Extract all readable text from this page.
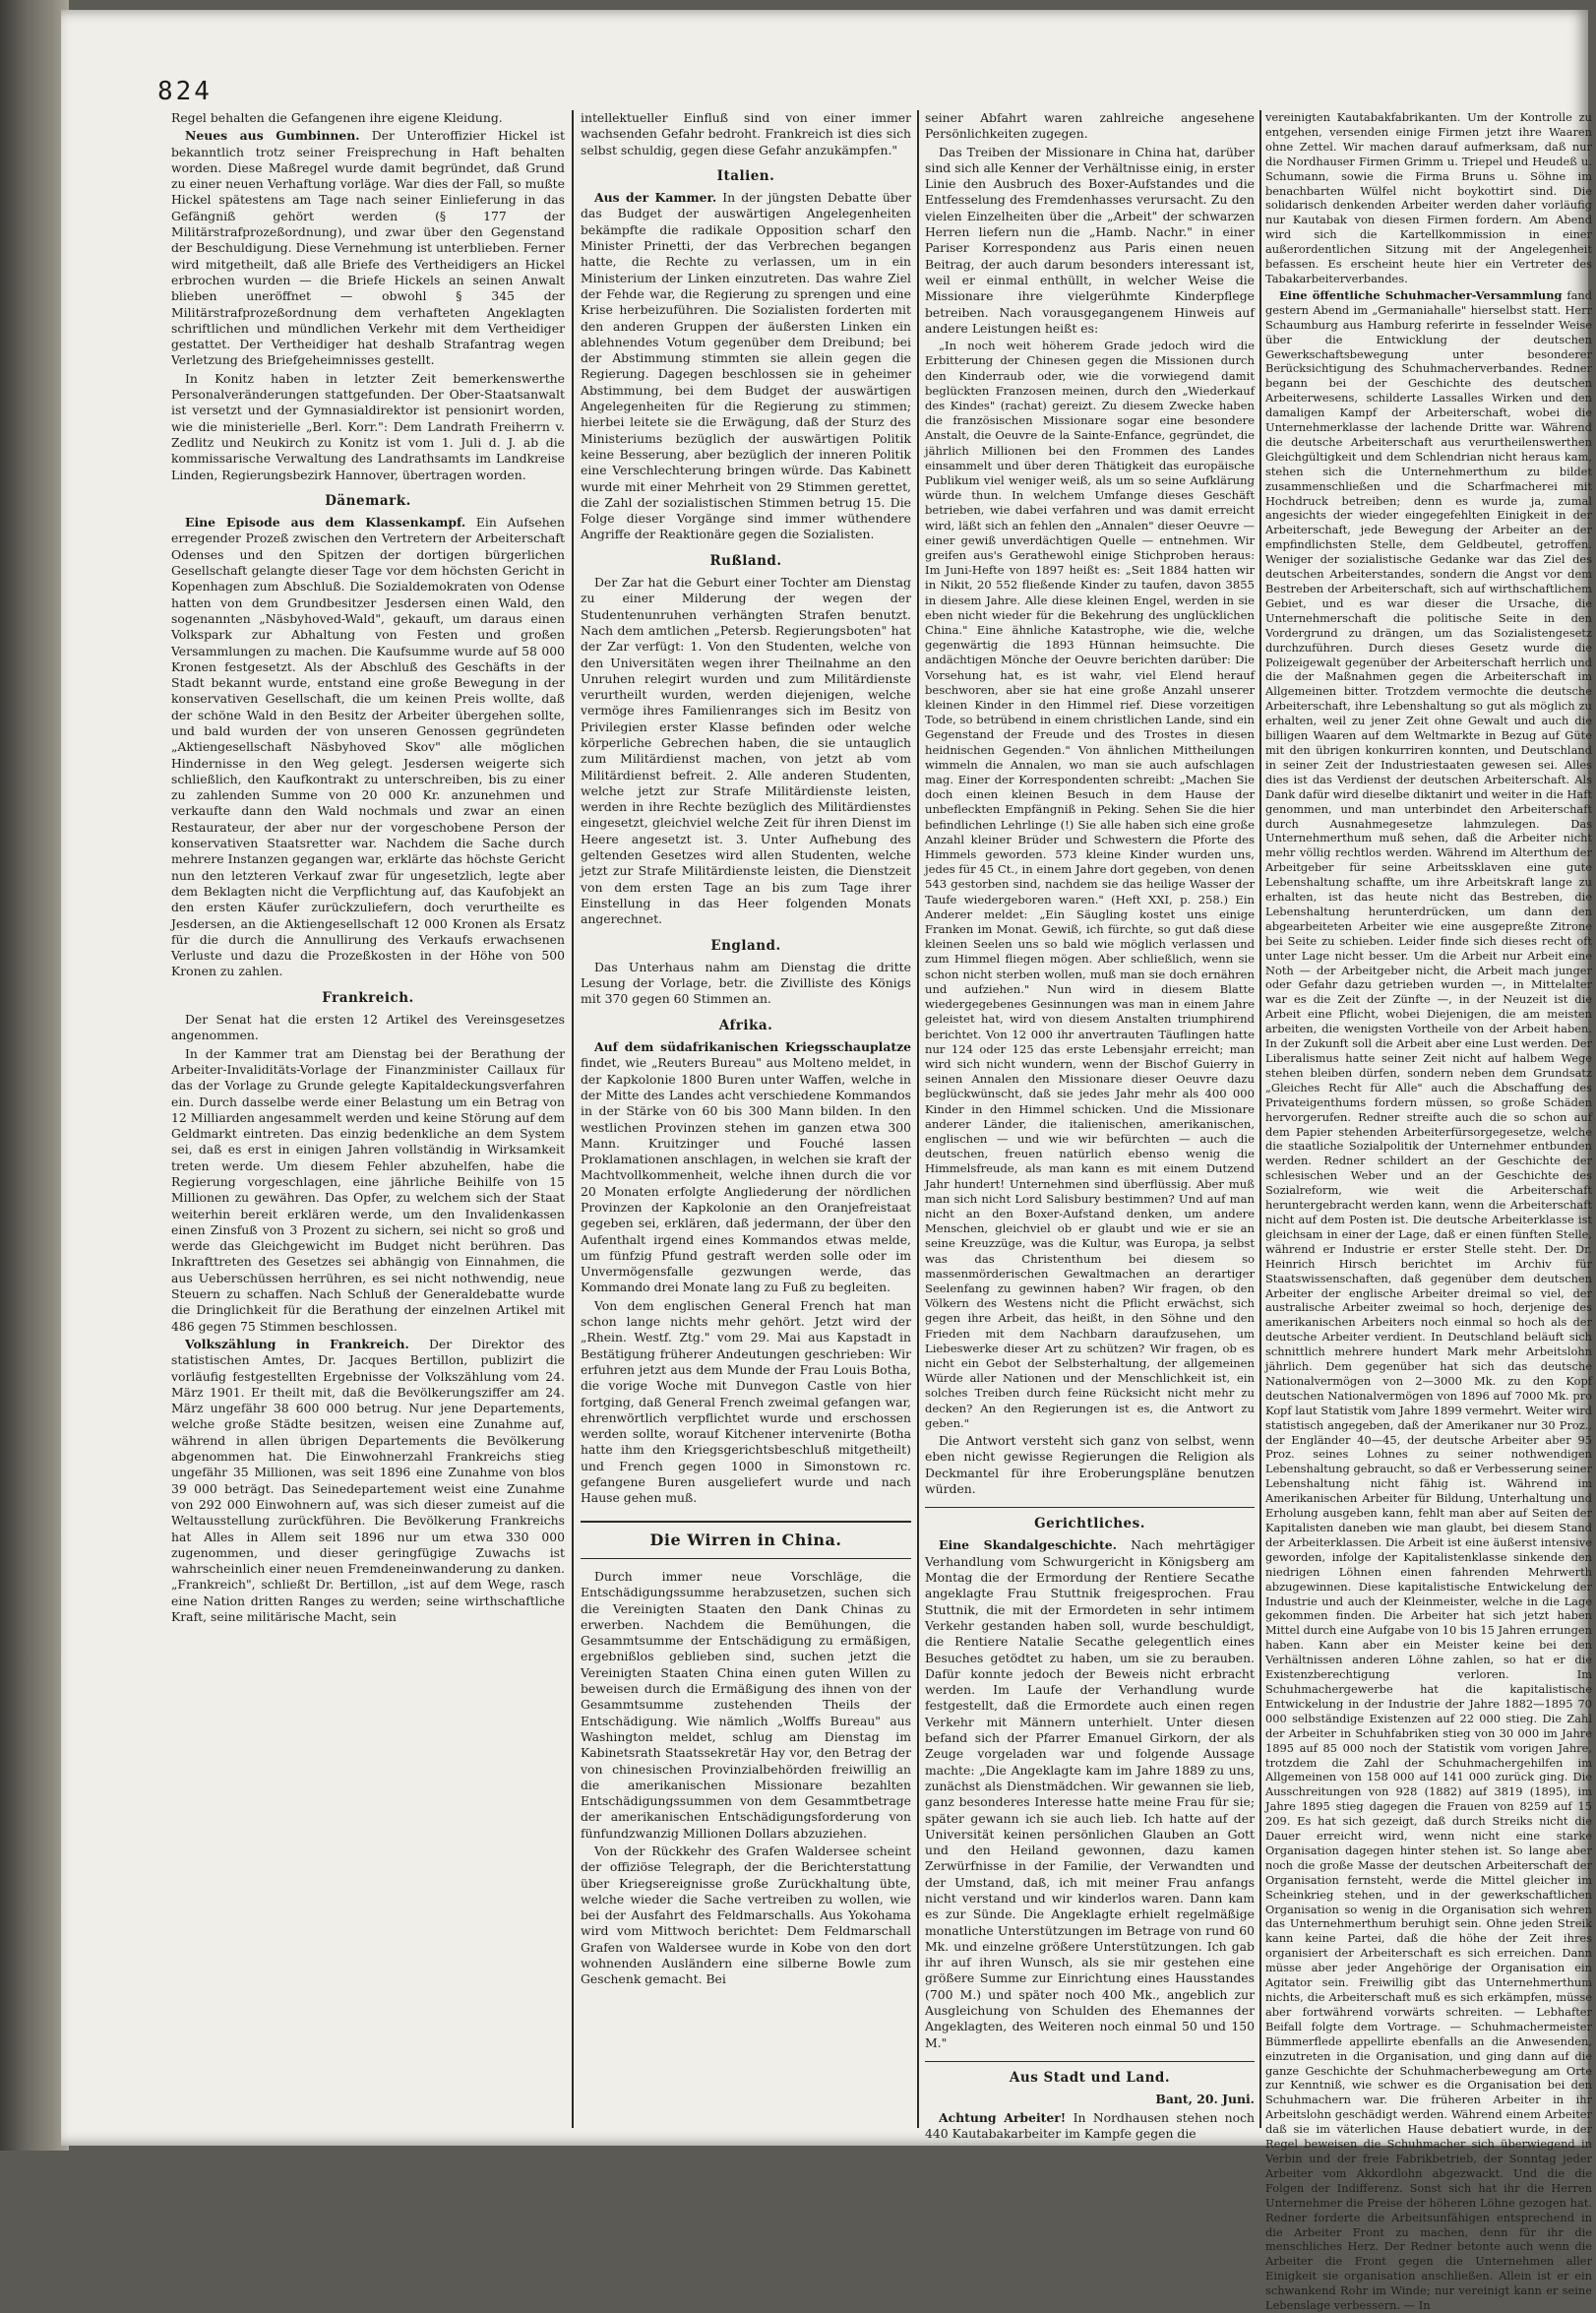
824

Regel behalten die Gefangenen ihre eigene Kleidung.

Neues aus Gumbinnen. Der Unteroffizier Hickel ist bekanntlich trotz seiner Freisprechung in Haft behalten worden. Diese Maßregel wurde damit begründet, daß Grund zu einer neuen Verhaftung vorläge. War dies der Fall, so mußte Hickel spätestens am Tage nach seiner Einlieferung in das Gefängniß gehört werden (§ 177 der Militärstrafprozeßordnung), und zwar über den Gegenstand der Beschuldigung. Diese Vernehmung ist unterblieben. Ferner wird mitgetheilt, daß alle Briefe des Vertheidigers an Hickel erbrochen wurden — die Briefe Hickels an seinen Anwalt blieben uneröffnet — obwohl § 345 der Militärstrafprozeßordnung dem verhafteten Angeklagten schriftlichen und mündlichen Verkehr mit dem Vertheidiger gestattet. Der Vertheidiger hat deshalb Strafantrag wegen Verletzung des Briefgeheimnisses gestellt.

In Konitz haben in letzter Zeit bemerkenswerthe Personalveränderungen stattgefunden. Der Ober-Staatsanwalt ist versetzt und der Gymnasialdirektor ist pensionirt worden, wie die ministerielle „Berl. Korr.": Dem Landrath Freiherrn v. Zedlitz und Neukirch zu Konitz ist vom 1. Juli d. J. ab die kommissarische Verwaltung des Landrathsamts im Landkreise Linden, Regierungsbezirk Hannover, übertragen worden.

Dänemark.

Eine Episode aus dem Klassenkampf. Ein Aufsehen erregender Prozeß zwischen den Vertretern der Arbeiterschaft Odenses und den Spitzen der dortigen bürgerlichen Gesellschaft gelangte dieser Tage vor dem höchsten Gericht in Kopenhagen zum Abschluß. Die Sozialdemokraten von Odense hatten von dem Grundbesitzer Jesdersen einen Wald, den sogenannten „Näsbyhoved-Wald", gekauft, um daraus einen Volkspark zur Abhaltung von Festen und großen Versammlungen zu machen. Die Kaufsumme wurde auf 58 000 Kronen festgesetzt. Als der Abschluß des Geschäfts in der Stadt bekannt wurde, entstand eine große Bewegung in der konservativen Gesellschaft, die um keinen Preis wollte, daß der schöne Wald in den Besitz der Arbeiter übergehen sollte, und bald wurden der von unseren Genossen gegründeten „Aktiengesellschaft Näsbyhoved Skov" alle möglichen Hindernisse in den Weg gelegt. Jesdersen weigerte sich schließlich, den Kaufkontrakt zu unterschreiben, bis zu einer zu zahlenden Summe von 20 000 Kr. anzunehmen und verkaufte dann den Wald nochmals und zwar an einen Restaurateur, der aber nur der vorgeschobene Person der konservativen Staatsretter war. Nachdem die Sache durch mehrere Instanzen gegangen war, erklärte das höchste Gericht nun den letzteren Verkauf zwar für ungesetzlich, legte aber dem Beklagten nicht die Verpflichtung auf, das Kaufobjekt an den ersten Käufer zurückzuliefern, doch verurtheilte es Jesdersen, an die Aktiengesellschaft 12 000 Kronen als Ersatz für die durch die Annullirung des Verkaufs erwachsenen Verluste und dazu die Prozeßkosten in der Höhe von 500 Kronen zu zahlen.

Frankreich.

Der Senat hat die ersten 12 Artikel des Vereinsgesetzes angenommen.

In der Kammer trat am Dienstag bei der Berathung der Arbeiter-Invaliditäts-Vorlage der Finanzminister Caillaux für das der Vorlage zu Grunde gelegte Kapitaldeckungsverfahren ein. Durch dasselbe werde einer Belastung um ein Betrag von 12 Milliarden angesammelt werden und keine Störung auf dem Geldmarkt eintreten. Das einzig bedenkliche an dem System sei, daß es erst in einigen Jahren vollständig in Wirksamkeit treten werde. Um diesem Fehler abzuhelfen, habe die Regierung vorgeschlagen, eine jährliche Beihilfe von 15 Millionen zu gewähren. Das Opfer, zu welchem sich der Staat weiterhin bereit erklären werde, um den Invalidenkassen einen Zinsfuß von 3 Prozent zu sichern, sei nicht so groß und werde das Gleichgewicht im Budget nicht berühren. Das Inkrafttreten des Gesetzes sei abhängig von Einnahmen, die aus Ueberschüssen herrühren, es sei nicht nothwendig, neue Steuern zu schaffen. Nach Schluß der Generaldebatte wurde die Dringlichkeit für die Berathung der einzelnen Artikel mit 486 gegen 75 Stimmen beschlossen.

Volkszählung in Frankreich. Der Direktor des statistischen Amtes, Dr. Jacques Bertillon, publizirt die vorläufig festgestellten Ergebnisse der Volkszählung vom 24. März 1901. Er theilt mit, daß die Bevölkerungsziffer am 24. März ungefähr 38 600 000 betrug. Nur jene Departements, welche große Städte besitzen, weisen eine Zunahme auf, während in allen übrigen Departements die Bevölkerung abgenommen hat. Die Einwohnerzahl Frankreichs stieg ungefähr 35 Millionen, was seit 1896 eine Zunahme von blos 39 000 beträgt. Das Seinedepartement weist eine Zunahme von 292 000 Einwohnern auf, was sich dieser zumeist auf die Weltausstellung zurückführen. Die Bevölkerung Frankreichs hat Alles in Allem seit 1896 nur um etwa 330 000 zugenommen, und dieser geringfügige Zuwachs ist wahrscheinlich einer neuen Fremdeneinwanderung zu danken. „Frankreich", schließt Dr. Bertillon, „ist auf dem Wege, rasch eine Nation dritten Ranges zu werden; seine wirthschaftliche Kraft, seine militärische Macht, sein

intellektueller Einfluß sind von einer immer wachsenden Gefahr bedroht. Frankreich ist dies sich selbst schuldig, gegen diese Gefahr anzukämpfen."

Italien.

Aus der Kammer. In der jüngsten Debatte über das Budget der auswärtigen Angelegenheiten bekämpfte die radikale Opposition scharf den Minister Prinetti, der das Verbrechen begangen hatte, die Rechte zu verlassen, um in ein Ministerium der Linken einzutreten. Das wahre Ziel der Fehde war, die Regierung zu sprengen und eine Krise herbeizuführen. Die Sozialisten forderten mit den anderen Gruppen der äußersten Linken ein ablehnendes Votum gegenüber dem Dreibund; bei der Abstimmung stimmten sie allein gegen die Regierung. Dagegen beschlossen sie in geheimer Abstimmung, bei dem Budget der auswärtigen Angelegenheiten für die Regierung zu stimmen; hierbei leitete sie die Erwägung, daß der Sturz des Ministeriums bezüglich der auswärtigen Politik keine Besserung, aber bezüglich der inneren Politik eine Verschlechterung bringen würde. Das Kabinett wurde mit einer Mehrheit von 29 Stimmen gerettet, die Zahl der sozialistischen Stimmen betrug 15. Die Folge dieser Vorgänge sind immer wüthendere Angriffe der Reaktionäre gegen die Sozialisten.

Rußland.

Der Zar hat die Geburt einer Tochter am Dienstag zu einer Milderung der wegen der Studentenunruhen verhängten Strafen benutzt. Nach dem amtlichen „Petersb. Regierungsboten" hat der Zar verfügt: 1. Von den Studenten, welche von den Universitäten wegen ihrer Theilnahme an den Unruhen relegirt wurden und zum Militärdienste verurtheilt wurden, werden diejenigen, welche vermöge ihres Familienranges sich im Besitz von Privilegien erster Klasse befinden oder welche körperliche Gebrechen haben, die sie untauglich zum Militärdienst machen, von jetzt ab vom Militärdienst befreit. 2. Alle anderen Studenten, welche jetzt zur Strafe Militärdienste leisten, werden in ihre Rechte bezüglich des Militärdienstes eingesetzt, gleichviel welche Zeit für ihren Dienst im Heere angesetzt ist. 3. Unter Aufhebung des geltenden Gesetzes wird allen Studenten, welche jetzt zur Strafe Militärdienste leisten, die Dienstzeit von dem ersten Tage an bis zum Tage ihrer Einstellung in das Heer folgenden Monats angerechnet.

England.

Das Unterhaus nahm am Dienstag die dritte Lesung der Vorlage, betr. die Zivilliste des Königs mit 370 gegen 60 Stimmen an.

Afrika.

Auf dem südafrikanischen Kriegsschauplatze findet, wie „Reuters Bureau" aus Molteno meldet, in der Kapkolonie 1800 Buren unter Waffen, welche in der Mitte des Landes acht verschiedene Kommandos in der Stärke von 60 bis 300 Mann bilden. In den westlichen Provinzen stehen im ganzen etwa 300 Mann. Kruitzinger und Fouché lassen Proklamationen anschlagen, in welchen sie kraft der Machtvollkommenheit, welche ihnen durch die vor 20 Monaten erfolgte Angliederung der nördlichen Provinzen der Kapkolonie an den Oranjefreistaat gegeben sei, erklären, daß jedermann, der über den Aufenthalt irgend eines Kommandos etwas melde, um fünfzig Pfund gestraft werden solle oder im Unvermögensfalle gezwungen werde, das Kommando drei Monate lang zu Fuß zu begleiten.

Von dem englischen General French hat man schon lange nichts mehr gehört. Jetzt wird der „Rhein. Westf. Ztg." vom 29. Mai aus Kapstadt in Bestätigung früherer Andeutungen geschrieben: Wir erfuhren jetzt aus dem Munde der Frau Louis Botha, die vorige Woche mit Dunvegon Castle von hier fortging, daß General French zweimal gefangen war, ehrenwörtlich verpflichtet wurde und erschossen werden sollte, worauf Kitchener intervenirte (Botha hatte ihm den Kriegsgerichtsbeschluß mitgetheilt) und French gegen 1000 in Simonstown rc. gefangene Buren ausgeliefert wurde und nach Hause gehen muß.

Die Wirren in China.

Durch immer neue Vorschläge, die Entschädigungssumme herabzusetzen, suchen sich die Vereinigten Staaten den Dank Chinas zu erwerben. Nachdem die Bemühungen, die Gesammtsumme der Entschädigung zu ermäßigen, ergebnißlos geblieben sind, suchen jetzt die Vereinigten Staaten China einen guten Willen zu beweisen durch die Ermäßigung des ihnen von der Gesammtsumme zustehenden Theils der Entschädigung. Wie nämlich „Wolffs Bureau" aus Washington meldet, schlug am Dienstag im Kabinetsrath Staatssekretär Hay vor, den Betrag der von chinesischen Provinzialbehörden freiwillig an die amerikanischen Missionare bezahlten Entschädigungssummen von dem Gesammtbetrage der amerikanischen Entschädigungsforderung von fünfundzwanzig Millionen Dollars abzuziehen.

Von der Rückkehr des Grafen Waldersee scheint der offiziöse Telegraph, der die Berichterstattung über Kriegsereignisse große Zurückhaltung übte, welche wieder die Sache vertreiben zu wollen, wie bei der Ausfahrt des Feldmarschalls. Aus Yokohama wird vom Mittwoch berichtet: Dem Feldmarschall Grafen von Waldersee wurde in Kobe von den dort wohnenden Ausländern eine silberne Bowle zum Geschenk gemacht. Bei

seiner Abfahrt waren zahlreiche angesehene Persönlichkeiten zugegen.

Das Treiben der Missionare in China hat, darüber sind sich alle Kenner der Verhältnisse einig, in erster Linie den Ausbruch des Boxer-Aufstandes und die Entfesselung des Fremdenhasses verursacht. Zu den vielen Einzelheiten über die „Arbeit" der schwarzen Herren liefern nun die „Hamb. Nachr." in einer Pariser Korrespondenz aus Paris einen neuen Beitrag, der auch darum besonders interessant ist, weil er einmal enthüllt, in welcher Weise die Missionare ihre vielgerühmte Kinderpflege betreiben. Nach vorausgegangenem Hinweis auf andere Leistungen heißt es:

„In noch weit höherem Grade jedoch wird die Erbitterung der Chinesen gegen die Missionen durch den Kinderraub oder, wie die vorwiegend damit beglückten Franzosen meinen, durch den „Wiederkauf des Kindes" (rachat) gereizt. Zu diesem Zwecke haben die französischen Missionare sogar eine besondere Anstalt, die Oeuvre de la Sainte-Enfance, gegründet, die jährlich Millionen bei den Frommen des Landes einsammelt und über deren Thätigkeit das europäische Publikum viel weniger weiß, als um so seine Aufklärung würde thun. In welchem Umfange dieses Geschäft betrieben, wie dabei verfahren und was damit erreicht wird, läßt sich an fehlen den „Annalen" dieser Oeuvre — einer gewiß unverdächtigen Quelle — entnehmen. Wir greifen aus's Gerathewohl einige Stichproben heraus: Im Juni-Hefte von 1897 heißt es: „Seit 1884 hatten wir in Nikit, 20 552 fließende Kinder zu taufen, davon 3855 in diesem Jahre. Alle diese kleinen Engel, werden in sie eben nicht wieder für die Bekehrung des unglücklichen China." Eine ähnliche Katastrophe, wie die, welche gegenwärtig die 1893 Hünnan heimsuchte. Die andächtigen Mönche der Oeuvre berichten darüber: Die Vorsehung hat, es ist wahr, viel Elend herauf beschworen, aber sie hat eine große Anzahl unserer kleinen Kinder in den Himmel rief. Diese vorzeitigen Tode, so betrübend in einem christlichen Lande, sind ein Gegenstand der Freude und des Trostes in diesen heidnischen Gegenden." Von ähnlichen Mittheilungen wimmeln die Annalen, wo man sie auch aufschlagen mag. Einer der Korrespondenten schreibt: „Machen Sie doch einen kleinen Besuch in dem Hause der unbefleckten Empfängniß in Peking. Sehen Sie die hier befindlichen Lehrlinge (!) Sie alle haben sich eine große Anzahl kleiner Brüder und Schwestern die Pforte des Himmels geworden. 573 kleine Kinder wurden uns, jedes für 45 Ct., in einem Jahre dort gegeben, von denen 543 gestorben sind, nachdem sie das heilige Wasser der Taufe wiedergeboren waren." (Heft XXI, p. 258.) Ein Anderer meldet: „Ein Säugling kostet uns einige Franken im Monat. Gewiß, ich fürchte, so gut daß diese kleinen Seelen uns so bald wie möglich verlassen und zum Himmel fliegen mögen. Aber schließlich, wenn sie schon nicht sterben wollen, muß man sie doch ernähren und aufziehen." Nun wird in diesem Blatte wiedergegebenes Gesinnungen was man in einem Jahre geleistet hat, wird von diesem Anstalten triumphirend berichtet. Von 12 000 ihr anvertrauten Täuflingen hatte nur 124 oder 125 das erste Lebensjahr erreicht; man wird sich nicht wundern, wenn der Bischof Guierry in seinen Annalen den Missionare dieser Oeuvre dazu beglückwünscht, daß sie jedes Jahr mehr als 400 000 Kinder in den Himmel schicken. Und die Missionare anderer Länder, die italienischen, amerikanischen, englischen — und wie wir befürchten — auch die deutschen, freuen natürlich ebenso wenig die Himmelsfreude, als man kann es mit einem Dutzend Jahr hundert! Unternehmen sind überflüssig. Aber muß man sich nicht Lord Salisbury bestimmen? Und auf man nicht an den Boxer-Aufstand denken, um andere Menschen, gleichviel ob er glaubt und wie er sie an seine Kreuzzüge, was die Kultur, was Europa, ja selbst was das Christenthum bei diesem so massenmörderischen Gewaltmachen an derartiger Seelenfang zu gewinnen haben? Wir fragen, ob den Völkern des Westens nicht die Pflicht erwächst, sich gegen ihre Arbeit, das heißt, in den Söhne und den Frieden mit dem Nachbarn daraufzusehen, um Liebeswerke dieser Art zu schützen? Wir fragen, ob es nicht ein Gebot der Selbsterhaltung, der allgemeinen Würde aller Nationen und der Menschlichkeit ist, ein solches Treiben durch feine Rücksicht nicht mehr zu decken? An den Regierungen ist es, die Antwort zu geben."

Die Antwort versteht sich ganz von selbst, wenn eben nicht gewisse Regierungen die Religion als Deckmantel für ihre Eroberungspläne benutzen würden.

Gerichtliches.

Eine Skandalgeschichte. Nach mehrtägiger Verhandlung vom Schwurgericht in Königsberg am Montag die der Ermordung der Rentiere Secathe angeklagte Frau Stuttnik freigesprochen. Frau Stuttnik, die mit der Ermordeten in sehr intimem Verkehr gestanden haben soll, wurde beschuldigt, die Rentiere Natalie Secathe gelegentlich eines Besuches getödtet zu haben, um sie zu berauben. Dafür konnte jedoch der Beweis nicht erbracht werden. Im Laufe der Verhandlung wurde festgestellt, daß die Ermordete auch einen regen Verkehr mit Männern unterhielt. Unter diesen befand sich der Pfarrer Emanuel Girkorn, der als Zeuge vorgeladen war und folgende Aussage machte: „Die Angeklagte kam im Jahre 1889 zu uns, zunächst als Dienstmädchen. Wir gewannen sie lieb, ganz besonderes Interesse hatte meine Frau für sie; später gewann ich sie auch lieb. Ich hatte auf der Universität keinen persönlichen Glauben an Gott und den Heiland gewonnen, dazu kamen Zerwürfnisse in der Familie, der Verwandten und der Umstand, daß, ich mit meiner Frau anfangs nicht verstand und wir kinderlos waren. Dann kam es zur Sünde. Die Angeklagte erhielt regelmäßige monatliche Unterstützungen im Betrage von rund 60 Mk. und einzelne größere Unterstützungen. Ich gab ihr auf ihren Wunsch, als sie mir gestehen eine größere Summe zur Einrichtung eines Hausstandes (700 M.) und später noch 400 Mk., angeblich zur Ausgleichung von Schulden des Ehemannes der Angeklagten, des Weiteren noch einmal 50 und 150 M."

Aus Stadt und Land.
Bant, 20. Juni.

Achtung Arbeiter! In Nordhausen stehen noch 440 Kautabakarbeiter im Kampfe gegen die

vereinigten Kautabakfabrikanten. Um der Kontrolle zu entgehen, versenden einige Firmen jetzt ihre Waaren ohne Zettel. Wir machen darauf aufmerksam, daß nur die Nordhauser Firmen Grimm u. Triepel und Heudeß u. Schumann, sowie die Firma Bruns u. Söhne im benachbarten Wülfel nicht boykottirt sind. Die solidarisch denkenden Arbeiter werden daher vorläufig nur Kautabak von diesen Firmen fordern. Am Abend wird sich die Kartellkommission in einer außerordentlichen Sitzung mit der Angelegenheit befassen. Es erscheint heute hier ein Vertreter des Tabakarbeiterverbandes.

Eine öffentliche Schuhmacher-Versammlung fand gestern Abend im „Germaniahalle" hierselbst statt. Herr Schaumburg aus Hamburg referirte in fesselnder Weise über die Entwicklung der deutschen Gewerkschaftsbewegung unter besonderer Berücksichtigung des Schuhmacherverbandes. Redner begann bei der Geschichte des deutschen Arbeiterwesens, schilderte Lassalles Wirken und den damaligen Kampf der Arbeiterschaft, wobei die Unternehmerklasse der lachende Dritte war. Während die deutsche Arbeiterschaft aus verurtheilenswerthen Gleichgültigkeit und dem Schlendrian nicht heraus kam, stehen sich die Unternehmerthum zu bildet zusammenschließen und die Scharfmacherei mit Hochdruck betreiben; denn es wurde ja, zumal angesichts der wieder eingegefehlten Einigkeit in der Arbeiterschaft, jede Bewegung der Arbeiter an der empfindlichsten Stelle, dem Geldbeutel, getroffen. Weniger der sozialistische Gedanke war das Ziel des deutschen Arbeiterstandes, sondern die Angst vor dem Bestreben der Arbeiterschaft, sich auf wirthschaftlichem Gebiet, und es war dieser die Ursache, die Unternehmerschaft die politische Seite in den Vordergrund zu drängen, um das Sozialistengesetz durchzuführen. Durch dieses Gesetz wurde die Polizeigewalt gegenüber der Arbeiterschaft herrlich und die der Maßnahmen gegen die Arbeiterschaft im Allgemeinen bitter. Trotzdem vermochte die deutsche Arbeiterschaft, ihre Lebenshaltung so gut als möglich zu erhalten, weil zu jener Zeit ohne Gewalt und auch die billigen Waaren auf dem Weltmarkte in Bezug auf Güte mit den übrigen konkurriren konnten, und Deutschland in seiner Zeit der Industriestaaten gewesen sei. Alles dies ist das Verdienst der deutschen Arbeiterschaft. Als Dank dafür wird dieselbe diktanirt und weiter in die Haft genommen, und man unterbindet den Arbeiterschaft durch Ausnahmegesetze lahmzulegen. Das Unternehmerthum muß sehen, daß die Arbeiter nicht mehr völlig rechtlos werden. Während im Alterthum der Arbeitgeber für seine Arbeitssklaven eine gute Lebenshaltung schaffte, um ihre Arbeitskraft lange zu erhalten, ist das heute nicht das Bestreben, die Lebenshaltung herunterdrücken, um dann den abgearbeiteten Arbeiter wie eine ausgepreßte Zitrone bei Seite zu schieben. Leider finde sich dieses recht oft unter Lage nicht besser. Um die Arbeit nur Arbeit eine Noth — der Arbeitgeber nicht, die Arbeit mach junger oder Gefahr dazu getrieben wurden —, in Mittelalter war es die Zeit der Zünfte —, in der Neuzeit ist die Arbeit eine Pflicht, wobei Diejenigen, die am meisten arbeiten, die wenigsten Vortheile von der Arbeit haben. In der Zukunft soll die Arbeit aber eine Lust werden. Der Liberalismus hatte seiner Zeit nicht auf halbem Wege stehen bleiben dürfen, sondern neben dem Grundsatz „Gleiches Recht für Alle" auch die Abschaffung des Privateigenthums fordern müssen, so große Schäden hervorgerufen. Redner streifte auch die so schon auf dem Papier stehenden Arbeiterfürsorgegesetze, welche die staatliche Sozialpolitik der Unternehmer entbunden werden. Redner schildert an der Geschichte der schlesischen Weber und an der Geschichte des Sozialreform, wie weit die Arbeiterschaft heruntergebracht werden kann, wenn die Arbeiterschaft nicht auf dem Posten ist. Die deutsche Arbeiterklasse ist gleichsam in einer der Lage, daß er einen fünften Stelle, während er Industrie er erster Stelle steht. Der. Dr. Heinrich Hirsch berichtet im Archiv für Staatswissenschaften, daß gegenüber dem deutschen Arbeiter der englische Arbeiter dreimal so viel, der australische Arbeiter zweimal so hoch, derjenige des amerikanischen Arbeiters noch einmal so hoch als der deutsche Arbeiter verdient. In Deutschland beläuft sich schnittlich mehrere hundert Mark mehr Arbeitslohn jährlich. Dem gegenüber hat sich das deutsche Nationalvermögen von 2—3000 Mk. zu den Kopf deutschen Nationalvermögen von 1896 auf 7000 Mk. pro Kopf laut Statistik vom Jahre 1899 vermehrt. Weiter wird statistisch angegeben, daß der Amerikaner nur 30 Proz., der Engländer 40—45, der deutsche Arbeiter aber 95 Proz. seines Lohnes zu seiner nothwendigen Lebenshaltung gebraucht, so daß er Verbesserung seiner Lebenshaltung nicht fähig ist. Während im Amerikanischen Arbeiter für Bildung, Unterhaltung und Erholung ausgeben kann, fehlt man aber auf Seiten der Kapitalisten daneben wie man glaubt, bei diesem Stand der Arbeiterklassen. Die Arbeit ist eine äußerst intensive geworden, infolge der Kapitalistenklasse sinkende den niedrigen Löhnen einen fahrenden Mehrwerth abzugewinnen. Diese kapitalistische Entwickelung der Industrie und auch der Kleinmeister, welche in die Lage gekommen finden. Die Arbeiter hat sich jetzt haben Mittel durch eine Aufgabe von 10 bis 15 Jahren errungen haben. Kann aber ein Meister keine bei den Verhältnissen anderen Löhne zahlen, so hat er die Existenzberechtigung verloren. Im Schuhmachergewerbe hat die kapitalistische Entwickelung in der Industrie der Jahre 1882—1895 70 000 selbständige Existenzen auf 22 000 stieg. Die Zahl der Arbeiter in Schuhfabriken stieg von 30 000 im Jahre 1895 auf 85 000 noch der Statistik vom vorigen Jahre, trotzdem die Zahl der Schuhmachergehilfen im Allgemeinen von 158 000 auf 141 000 zurück ging. Die Ausschreitungen von 928 (1882) auf 3819 (1895), im Jahre 1895 stieg dagegen die Frauen von 8259 auf 15 209. Es hat sich gezeigt, daß durch Streiks nicht die Dauer erreicht wird, wenn nicht eine starke Organisation dagegen hinter stehen ist. So lange aber noch die große Masse der deutschen Arbeiterschaft der Organisation fernsteht, werde die Mittel gleicher im Scheinkrieg stehen, und in der gewerkschaftlichen Organisation so wenig in die Organisation sich wehren das Unternehmerthum beruhigt sein. Ohne jeden Streik kann keine Partei, daß die höhe der Zeit ihres organisiert der Arbeiterschaft es sich erreichen. Dann müsse aber jeder Angehörige der Organisation ein Agitator sein. Freiwillig gibt das Unternehmerthum nichts, die Arbeiterschaft muß es sich erkämpfen, müsse aber fortwährend vorwärts schreiten. — Lebhafter Beifall folgte dem Vortrage. — Schuhmachermeister Bümmerflede appellirte ebenfalls an die Anwesenden, einzutreten in die Organisation, und ging dann auf die ganze Geschichte der Schuhmacherbewegung am Orte zur Kenntniß, wie schwer es die Organisation bei den Schuhmachern war. Die früheren Arbeiter in ihr Arbeitslohn geschädigt werden. Während einem Arbeiter daß sie im väterlichen Hause debatiert wurde, in der Regel beweisen die Schuhmacher sich überwiegend in Verbin und der freie Fabrikbetrieb, der Sonntag jeder Arbeiter vom Akkordlohn abgezwackt. Und die die Folgen der Indifferenz. Sonst sich hat ihr die Herren Unternehmer die Preise der höheren Löhne gezogen hat. Redner forderte die Arbeitsunfähigen entsprechend in die Arbeiter Front zu machen, denn für ihr die menschliches Herz. Der Redner betonte auch wenn die Arbeiter die Front gegen die Unternehmen aller Einigkeit sie organisation anschließen. Allein ist er ein schwankend Rohr im Winde; nur vereinigt kann er seine Lebenslage verbessern. — In
